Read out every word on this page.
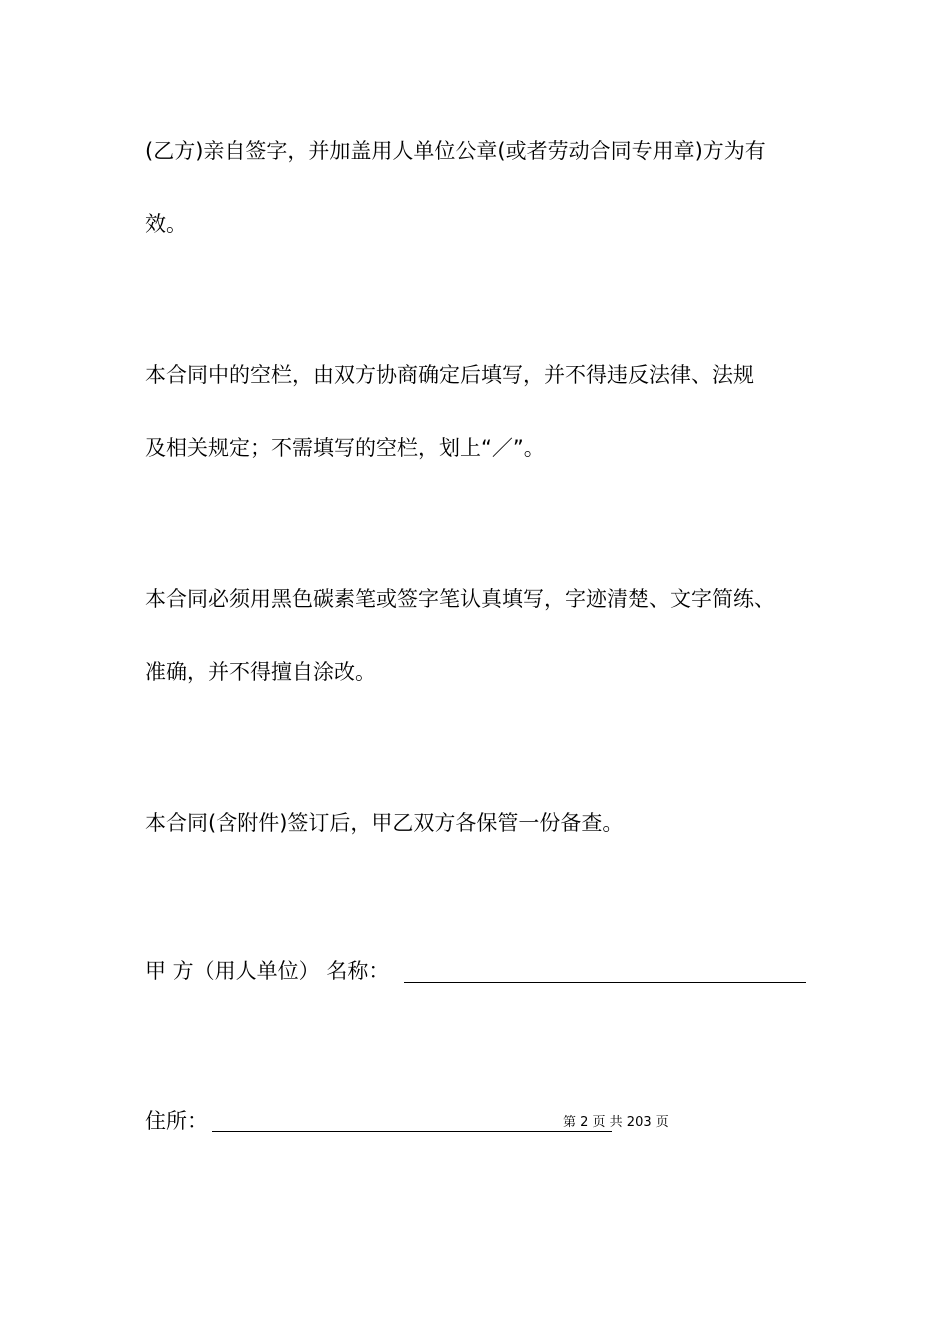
(乙方)亲自签字，并加盖用人单位公章(或者劳动合同专用章)方为有
效。
本合同中的空栏，由双方协商确定后填写，并不得违反法律、法规
及相关规定；不需填写的空栏，划上“／”。
本合同必须用黑色碳素笔或签字笔认真填写，字迹清楚、文字简练、
准确，并不得擅自涂改。
本合同(含附件)签订后，甲乙双方各保管一份备查。
甲 方（用人单位） 名称：
住所：	第 2 页 共 203 页
